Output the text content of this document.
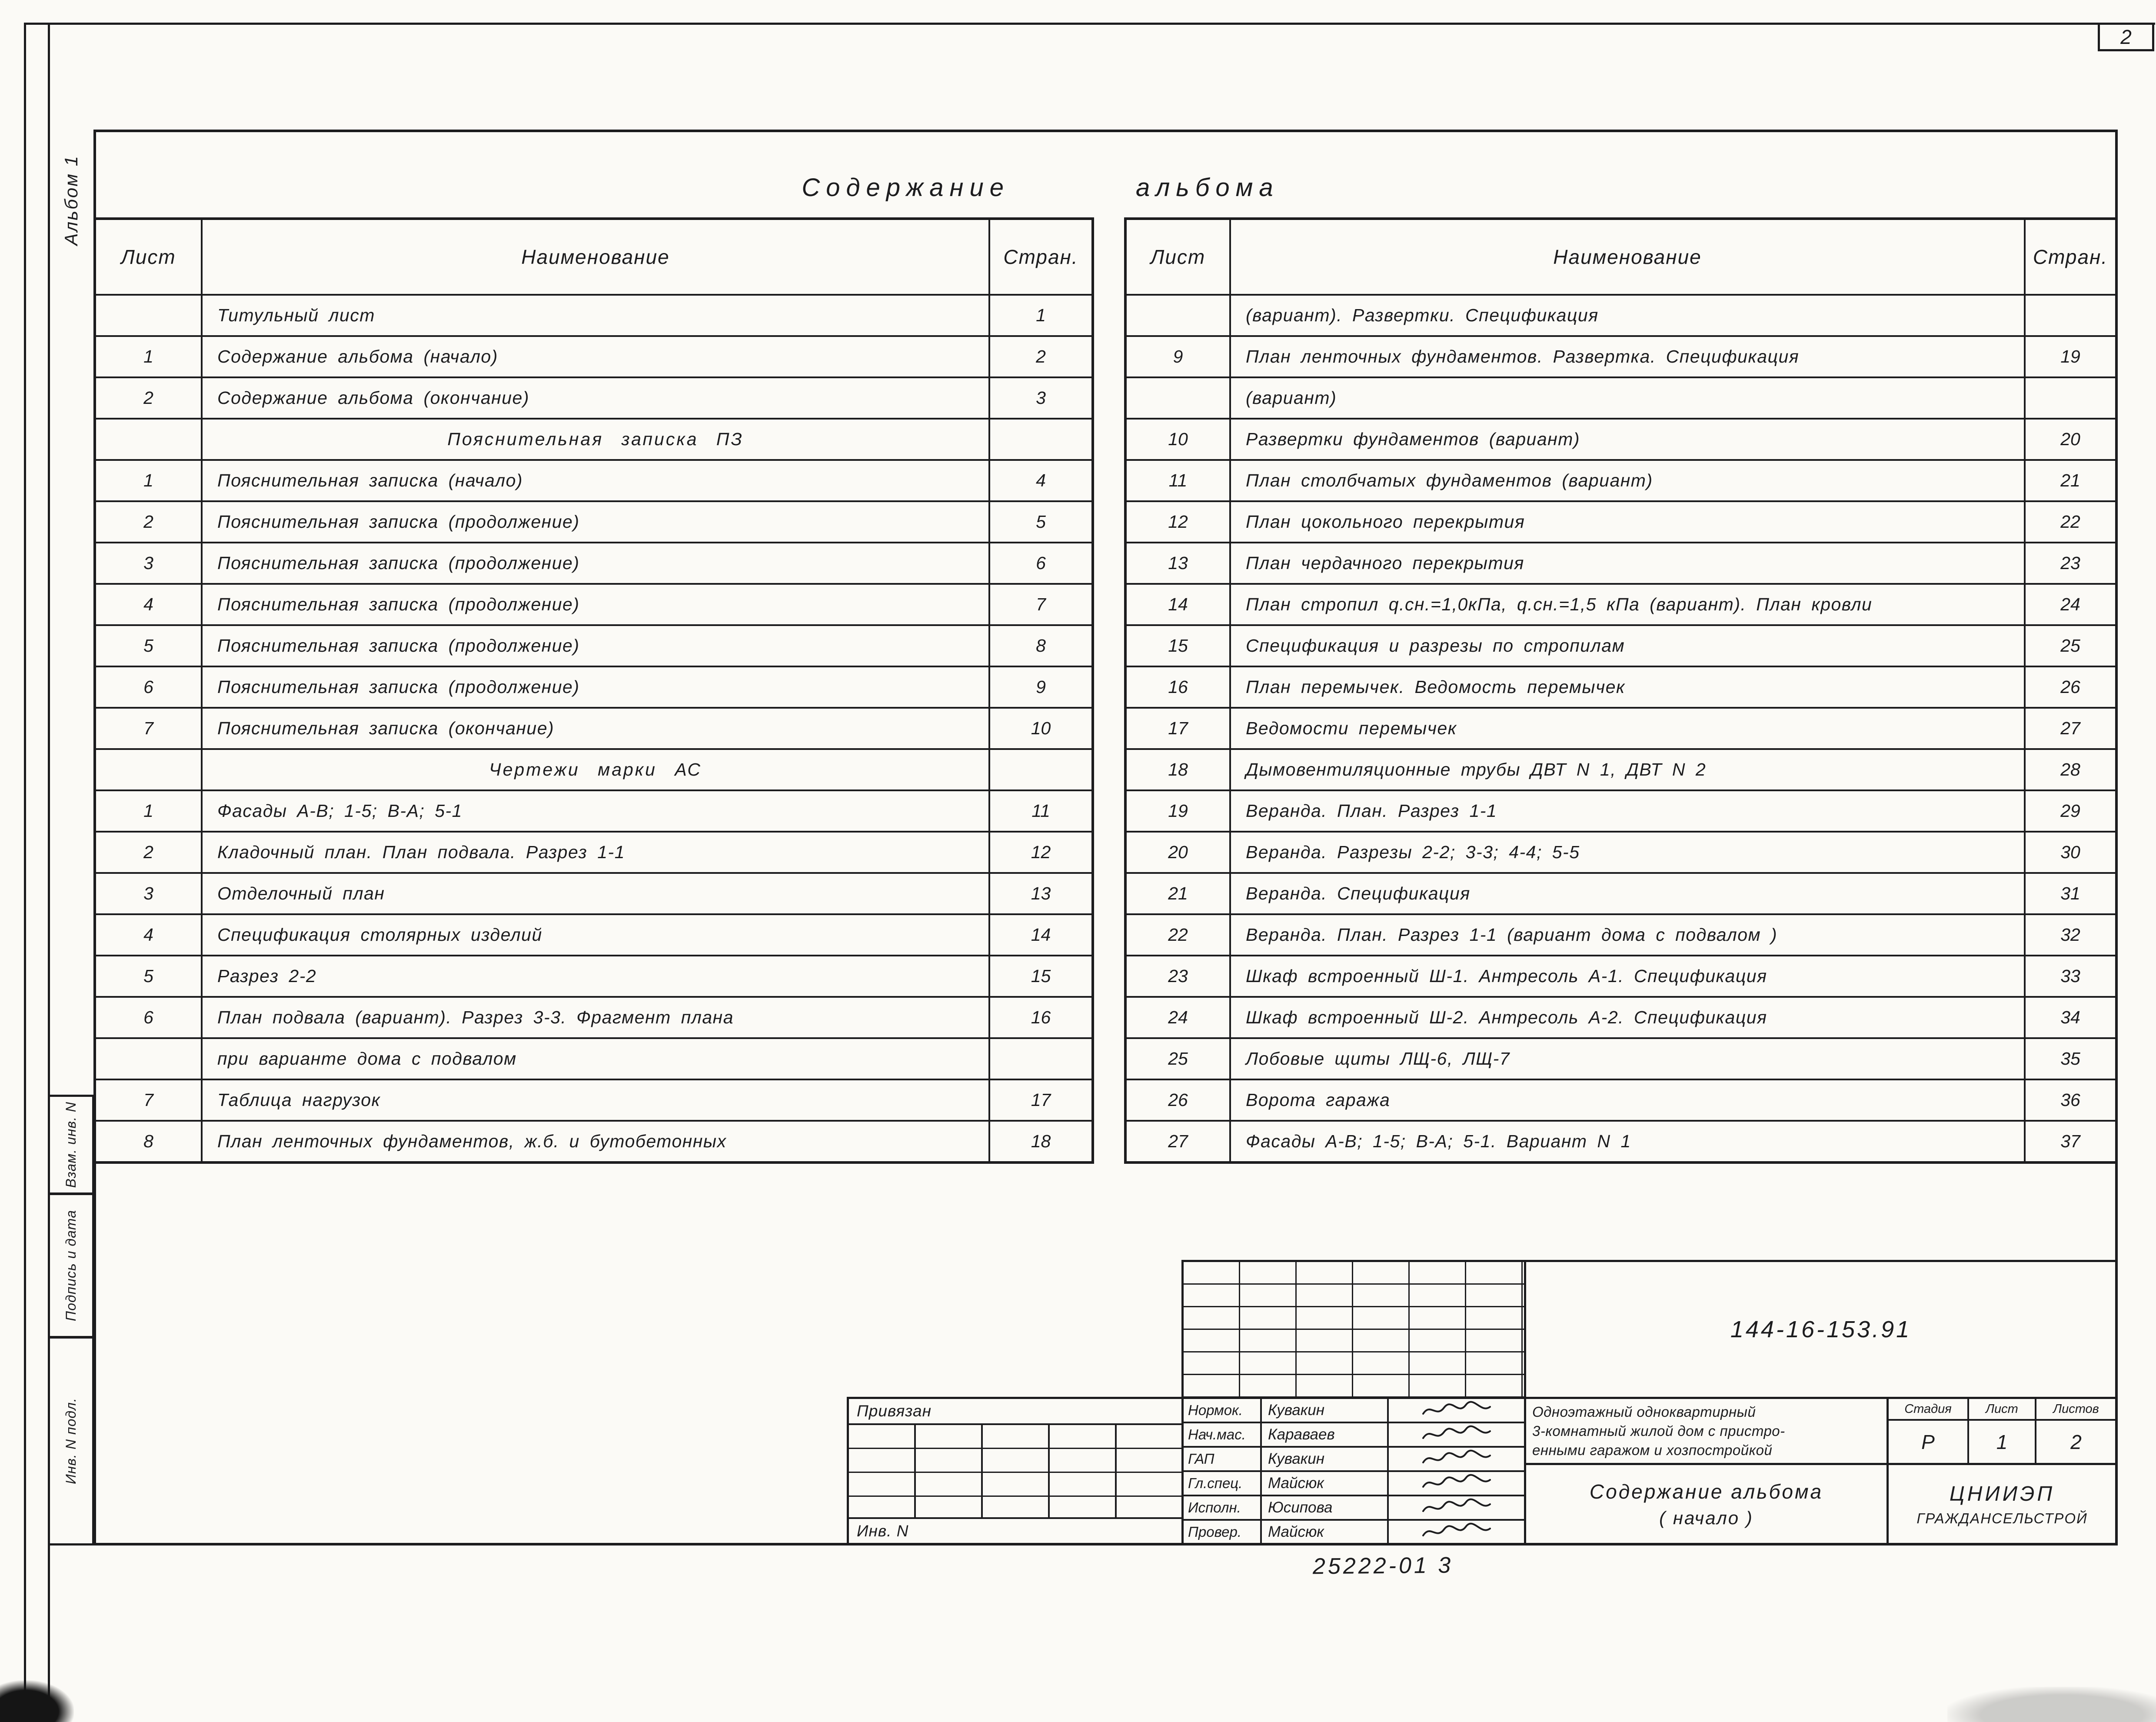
2
Альбом 1
Взам. инв. N
Подпись и дата
Инв. N подл.
Содержание	альбома
Лист	Наименование	Стран.
Титульный лист	1
1	Содержание альбома (начало)	2
2	Содержание альбома (окончание)	3
Пояснительная записка ПЗ
1	Пояснительная записка (начало)	4
2	Пояснительная записка (продолжение)	5
3	Пояснительная записка (продолжение)	6
4	Пояснительная записка (продолжение)	7
5	Пояснительная записка (продолжение)	8
6	Пояснительная записка (продолжение)	9
7	Пояснительная записка (окончание)	10
Чертежи марки АС
1	Фасады А-В; 1-5; В-А; 5-1	11
2	Кладочный план. План подвала. Разрез 1-1	12
3	Отделочный план	13
4	Спецификация столярных изделий	14
5	Разрез 2-2	15
6	План подвала (вариант). Разрез 3-3. Фрагмент плана	16
при варианте дома с подвалом
7	Таблица нагрузок	17
8	План ленточных фундаментов, ж.б. и бутобетонных	18
Лист	Наименование	Стран.
(вариант). Развертки. Спецификация
9	План ленточных фундаментов. Развертка. Спецификация	19
(вариант)
10	Развертки фундаментов (вариант)	20
11	План столбчатых фундаментов (вариант)	21
12	План цокольного перекрытия	22
13	План чердачного перекрытия	23
14	План стропил q.сн.=1,0кПа, q.сн.=1,5 кПа (вариант). План кровли	24
15	Спецификация и разрезы по стропилам	25
16	План перемычек. Ведомость перемычек	26
17	Ведомости перемычек	27
18	Дымовентиляционные трубы ДВТ N 1, ДВТ N 2	28
19	Веранда. План. Разрез 1-1	29
20	Веранда. Разрезы 2-2; 3-3; 4-4; 5-5	30
21	Веранда. Спецификация	31
22	Веранда. План. Разрез 1-1 (вариант дома с подвалом )	32
23	Шкаф встроенный Ш-1. Антресоль А-1. Спецификация	33
24	Шкаф встроенный Ш-2. Антресоль А-2. Спецификация	34
25	Лобовые щиты ЛЩ-6, ЛЩ-7	35
26	Ворота гаража	36
27	Фасады А-В; 1-5; В-А; 5-1. Вариант N 1	37
144-16-153.91
Привязан
Инв. N
Нормок.	Кувакин
Нач.мас.	Караваев
ГАП	Кувакин
Гл.спец.	Майсюк
Исполн.	Юсипова
Провер.	Майсюк
Одноэтажный одноквартирный
3-комнатный жилой дом с пристро-
енными гаражом и хозпостройкой
Стадия	Лист	Листов
Р	1	2
Содержание альбома
( начало )
ЦНИИЭП
ГРАЖДАНСЕЛЬСТРОЙ
25222-01 3
